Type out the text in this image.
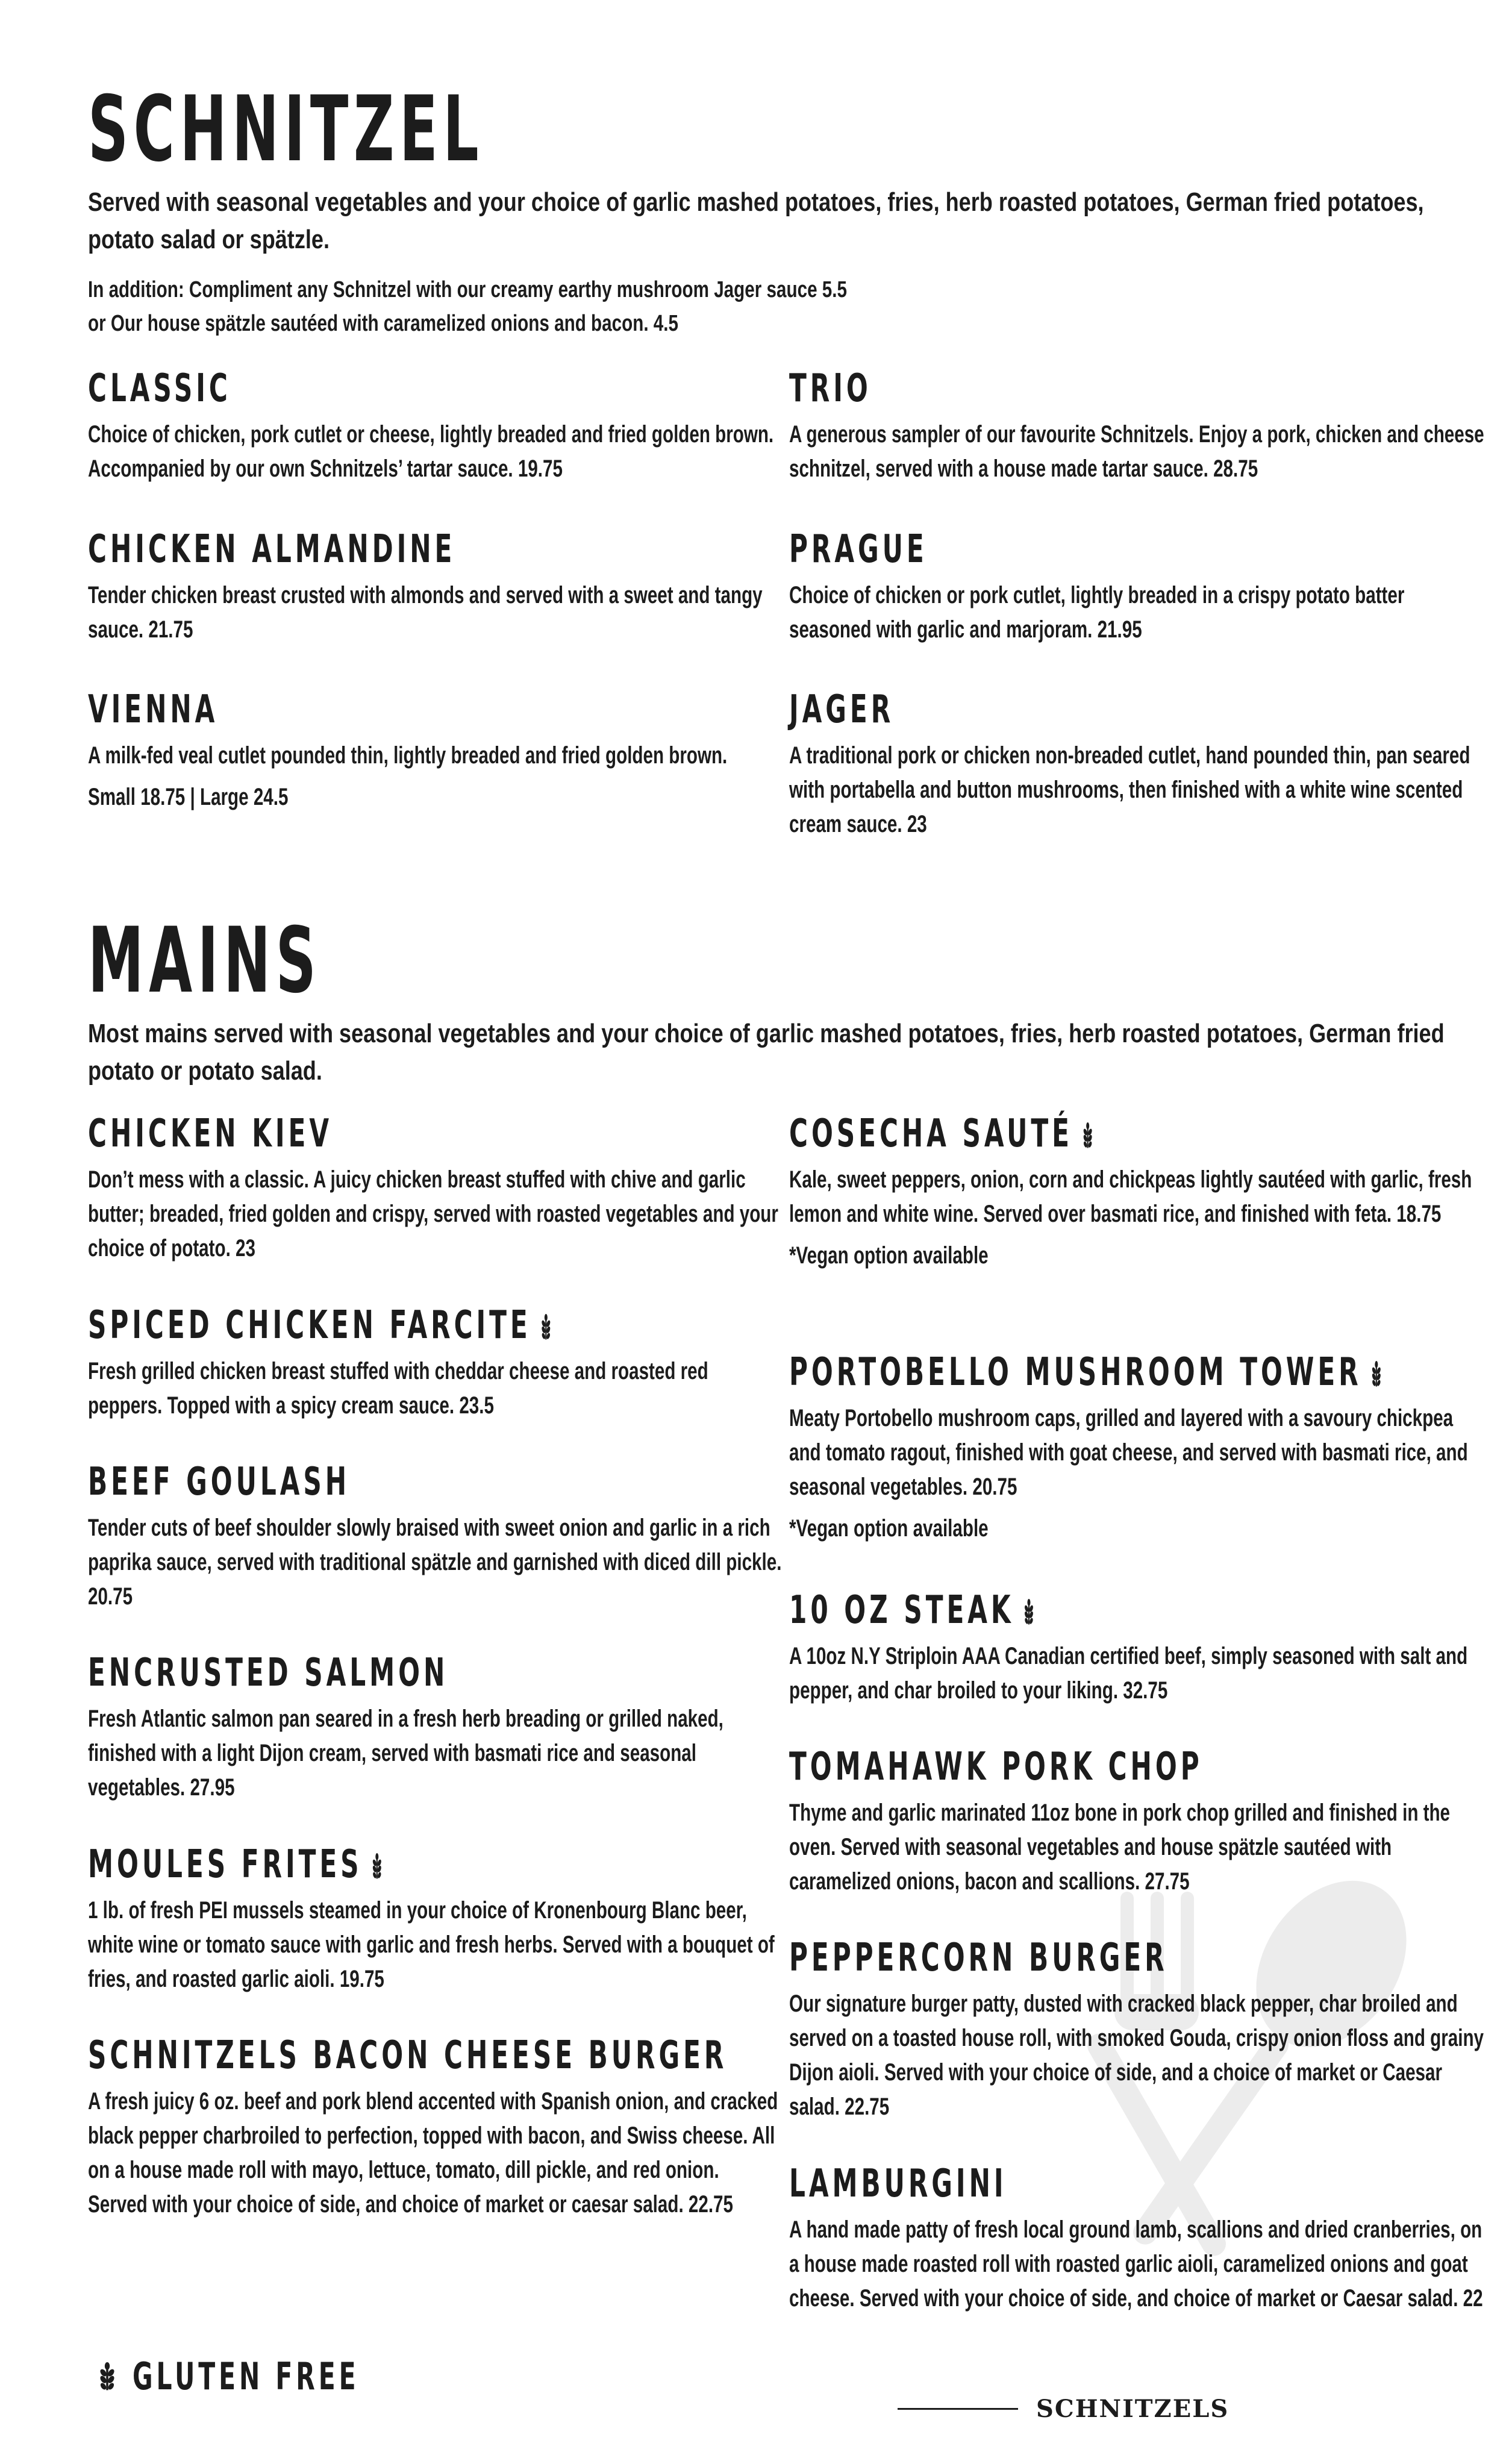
SCHNITZEL
Served with seasonal vegetables and your choice of garlic mashed potatoes, fries, herb roasted potatoes, German fried potatoes, potato salad or spätzle.
In addition: Compliment any Schnitzel with our creamy earthy mushroom Jager sauce 5.5
or Our house spätzle sautéed with caramelized onions and bacon. 4.5
CLASSIC
Choice of chicken, pork cutlet or cheese, lightly breaded and fried golden brown. Accompanied by our own Schnitzels’ tartar sauce. 19.75
TRIO
A generous sampler of our favourite Schnitzels. Enjoy a pork, chicken and cheese schnitzel, served with a house made tartar sauce. 28.75
CHICKEN ALMANDINE
Tender chicken breast crusted with almonds and served with a sweet and tangy sauce. 21.75
PRAGUE
Choice of chicken or pork cutlet, lightly breaded in a crispy potato batter seasoned with garlic and marjoram. 21.95
VIENNA
A milk-fed veal cutlet pounded thin, lightly breaded and fried golden brown.
Small 18.75 | Large 24.5
JAGER
A traditional pork or chicken non-breaded cutlet, hand pounded thin, pan seared with portabella and button mushrooms, then finished with a white wine scented cream sauce. 23
MAINS
Most mains served with seasonal vegetables and your choice of garlic mashed potatoes, fries, herb roasted potatoes, German fried potato or potato salad.
CHICKEN KIEV
Don’t mess with a classic. A juicy chicken breast stuffed with chive and garlic butter; breaded, fried golden and crispy, served with roasted vegetables and your choice of potato. 23
SPICED CHICKEN FARCITE
Fresh grilled chicken breast stuffed with cheddar cheese and roasted red peppers. Topped with a spicy cream sauce. 23.5
BEEF GOULASH
Tender cuts of beef shoulder slowly braised with sweet onion and garlic in a rich paprika sauce, served with traditional spätzle and garnished with diced dill pickle. 20.75
ENCRUSTED SALMON
Fresh Atlantic salmon pan seared in a fresh herb breading or grilled naked, finished with a light Dijon cream, served with basmati rice and seasonal vegetables. 27.95
MOULES FRITES
1 lb. of fresh PEI mussels steamed in your choice of Kronenbourg Blanc beer, white wine or tomato sauce with garlic and fresh herbs. Served with a bouquet of fries, and roasted garlic aioli. 19.75
SCHNITZELS BACON CHEESE BURGER
A fresh juicy 6 oz. beef and pork blend accented with Spanish onion, and cracked black pepper charbroiled to perfection, topped with bacon, and Swiss cheese. All on a house made roll with mayo, lettuce, tomato, dill pickle, and red onion. Served with your choice of side, and choice of market or caesar salad. 22.75
COSECHA SAUTÉ
Kale, sweet peppers, onion, corn and chickpeas lightly sautéed with garlic, fresh lemon and white wine. Served over basmati rice, and finished with feta. 18.75
*Vegan option available
PORTOBELLO MUSHROOM TOWER
Meaty Portobello mushroom caps, grilled and layered with a savoury chickpea and tomato ragout, finished with goat cheese, and served with basmati rice, and seasonal vegetables. 20.75
*Vegan option available
10 OZ STEAK
A 10oz N.Y Striploin AAA Canadian certified beef, simply seasoned with salt and pepper, and char broiled to your liking. 32.75
TOMAHAWK PORK CHOP
Thyme and garlic marinated 11oz bone in pork chop grilled and finished in the oven. Served with seasonal vegetables and house spätzle sautéed with caramelized onions, bacon and scallions. 27.75
PEPPERCORN BURGER
Our signature burger patty, dusted with cracked black pepper, char broiled and served on a toasted house roll, with smoked Gouda, crispy onion floss and grainy Dijon aioli. Served with your choice of side, and a choice of market or Caesar salad. 22.75
LAMBURGINI
A hand made patty of fresh local ground lamb, scallions and dried cranberries, on a house made roasted roll with roasted garlic aioli, caramelized onions and goat cheese. Served with your choice of side, and choice of market or Caesar salad. 22
GLUTEN FREE
SCHNITZELS
